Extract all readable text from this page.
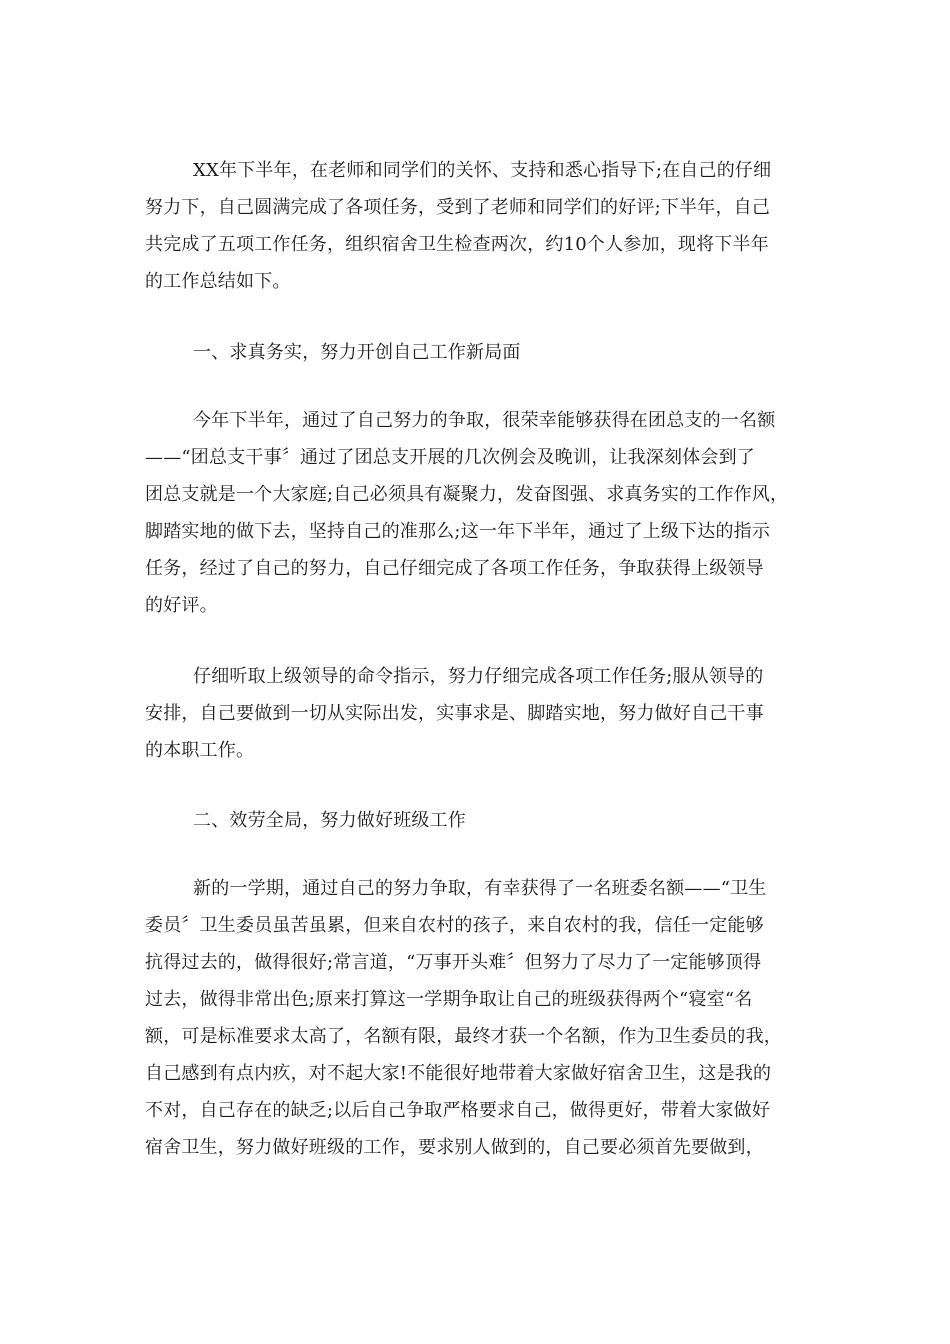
XX年下半年，在老师和同学们的关怀、支持和悉心指导下;在自己的仔细
努力下，自己圆满完成了各项任务，受到了老师和同学们的好评;下半年，自己
共完成了五项工作任务，组织宿舍卫生检查两次，约10个人参加，现将下半年
的工作总结如下。
一、求真务实，努力开创自己工作新局面
今年下半年，通过了自己努力的争取，很荣幸能够获得在团总支的一名额
——“团总支干事〞通过了团总支开展的几次例会及晚训，让我深刻体会到了
团总支就是一个大家庭;自己必须具有凝聚力，发奋图强、求真务实的工作作风，
脚踏实地的做下去，坚持自己的准那么;这一年下半年，通过了上级下达的指示
任务，经过了自己的努力，自己仔细完成了各项工作任务，争取获得上级领导
的好评。
仔细听取上级领导的命令指示，努力仔细完成各项工作任务;服从领导的
安排，自己要做到一切从实际出发，实事求是、脚踏实地，努力做好自己干事
的本职工作。
二、效劳全局，努力做好班级工作
新的一学期，通过自己的努力争取，有幸获得了一名班委名额——“卫生
委员〞卫生委员虽苦虽累，但来自农村的孩子，来自农村的我，信任一定能够
抗得过去的，做得很好;常言道，“万事开头难〞但努力了尽力了一定能够顶得
过去，做得非常出色;原来打算这一学期争取让自己的班级获得两个“寝室“名
额，可是标准要求太高了，名额有限，最终才获一个名额，作为卫生委员的我，
自己感到有点内疚，对不起大家!不能很好地带着大家做好宿舍卫生，这是我的
不对，自己存在的缺乏;以后自己争取严格要求自己，做得更好，带着大家做好
宿舍卫生，努力做好班级的工作，要求别人做到的，自己要必须首先要做到，
